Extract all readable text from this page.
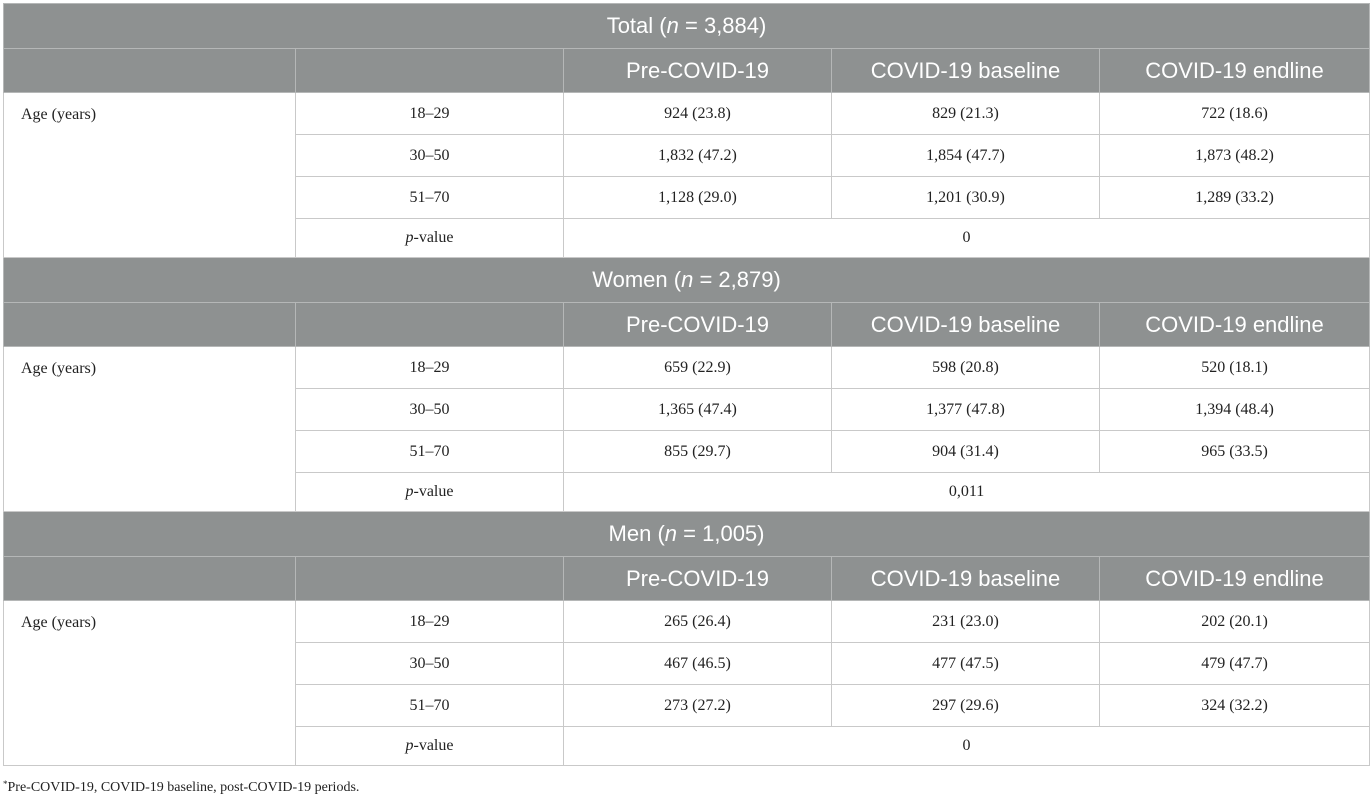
Total (n = 3,884)				
		Pre-COVID-19	COVID-19 baseline	COVID-19 endline
Age (years)	18–29	924 (23.8)	829 (21.3)	722 (18.6)
	30–50	1,832 (47.2)	1,854 (47.7)	1,873 (48.2)
	51–70	1,128 (29.0)	1,201 (30.9)	1,289 (33.2)
	p-value	0		
Women (n = 2,879)				
		Pre-COVID-19	COVID-19 baseline	COVID-19 endline
Age (years)	18–29	659 (22.9)	598 (20.8)	520 (18.1)
	30–50	1,365 (47.4)	1,377 (47.8)	1,394 (48.4)
	51–70	855 (29.7)	904 (31.4)	965 (33.5)
	p-value	0,011		
Men (n = 1,005)				
		Pre-COVID-19	COVID-19 baseline	COVID-19 endline
Age (years)	18–29	265 (26.4)	231 (23.0)	202 (20.1)
	30–50	467 (46.5)	477 (47.5)	479 (47.7)
	51–70	273 (27.2)	297 (29.6)	324 (32.2)
	p-value	0		
*Pre-COVID-19, COVID-19 baseline, post-COVID-19 periods.
